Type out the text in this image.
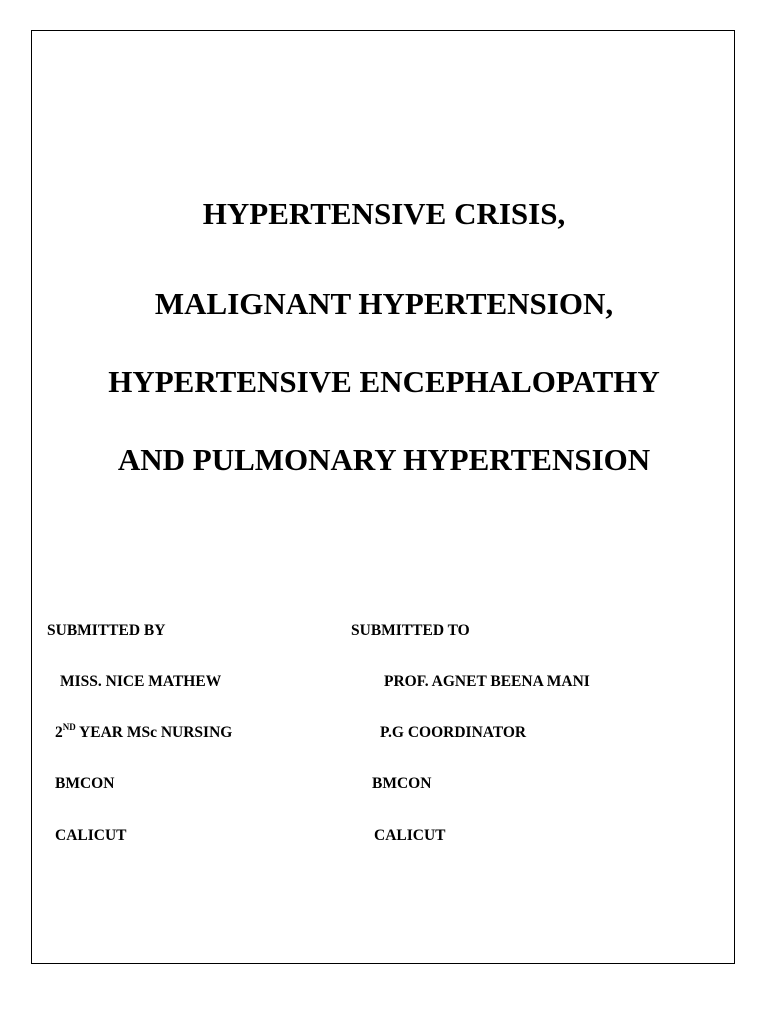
HYPERTENSIVE CRISIS,
MALIGNANT HYPERTENSION,
HYPERTENSIVE ENCEPHALOPATHY
AND PULMONARY HYPERTENSION
SUBMITTED BY
MISS. NICE MATHEW
2ND YEAR MSc NURSING
BMCON
CALICUT
SUBMITTED TO
PROF. AGNET BEENA MANI
P.G COORDINATOR
BMCON
CALICUT
